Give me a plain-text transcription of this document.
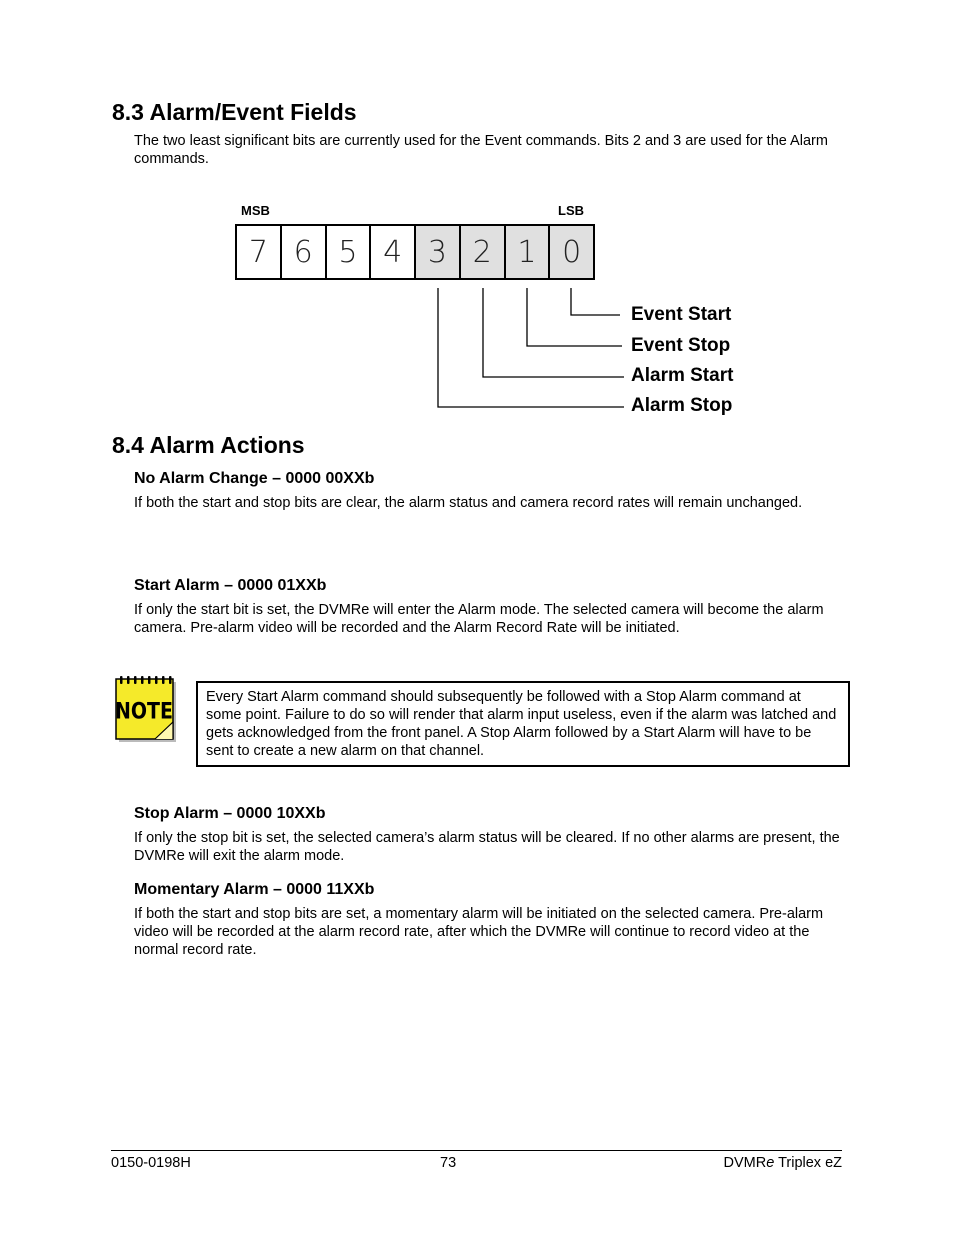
8.3 Alarm/Event Fields

The two least significant bits are currently used for the Event commands. Bits 2 and 3 are used for the Alarm commands.

MSB	LSB
7 6 5 4 3 2 1 0
Event Start
Event Stop
Alarm Start
Alarm Stop
8.4 Alarm Actions
No Alarm Change – 0000 00XXb

If both the start and stop bits are clear, the alarm status and camera record rates will remain unchanged.

Start Alarm – 0000 01XXb

If only the start bit is set, the DVMRe will enter the Alarm mode. The selected camera will become the alarm camera. Pre-alarm video will be recorded and the Alarm Record Rate will be initiated.

NOTE

Every Start Alarm command should subsequently be followed with a Stop Alarm command at some point. Failure to do so will render that alarm input useless, even if the alarm was latched and gets acknowledged from the front panel. A Stop Alarm followed by a Start Alarm will have to be sent to create a new alarm on that channel.

Stop Alarm – 0000 10XXb

If only the stop bit is set, the selected camera’s alarm status will be cleared. If no other alarms are present, the DVMRe will exit the alarm mode.

Momentary Alarm – 0000 11XXb

If both the start and stop bits are set, a momentary alarm will be initiated on the selected camera. Pre-alarm video will be recorded at the alarm record rate, after which the DVMRe will continue to record video at the normal record rate.

0150-0198H	73	DVMRe Triplex eZ
